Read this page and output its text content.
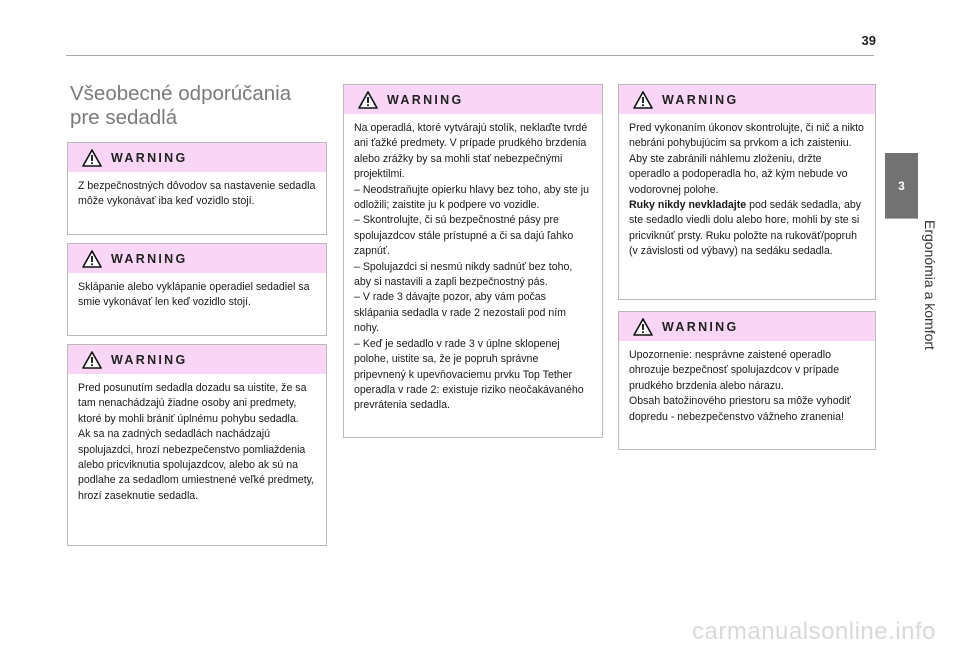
39
3
Ergonómia a komfort
Všeobecné odporúčania
pre sedadlá
WARNING

Z bezpečnostných dôvodov sa nastavenie sedadla môže vykonávať iba keď vozidlo stojí.

WARNING

Sklápanie alebo vyklápanie operadiel sedadiel sa smie vykonávať len keď vozidlo stojí.

WARNING

Pred posunutím sedadla dozadu sa uistite, že sa tam nenachádzajú žiadne osoby ani predmety, ktoré by mohli brániť úplnému pohybu sedadla.

Ak sa na zadných sedadlách nachádzajú spolujazdci, hrozí nebezpečenstvo pomliaždenia alebo pricviknutia spolujazdcov, alebo ak sú na podlahe za sedadlom umiestnené veľké predmety, hrozí zaseknutie sedadla.

WARNING

Na operadlá, ktoré vytvárajú stolík, neklaďte tvrdé ani ťažké predmety. V prípade prudkého brzdenia alebo zrážky by sa mohli stať nebezpečnými projektilmi.

– Neodstraňujte opierku hlavy bez toho, aby ste ju odložili; zaistite ju k podpere vo vozidle.

– Skontrolujte, či sú bezpečnostné pásy pre spolujazdcov stále prístupné a či sa dajú ľahko zapnúť.

– Spolujazdci si nesmú nikdy sadnúť bez toho, aby si nastavili a zapli bezpečnostný pás.

– V rade 3 dávajte pozor, aby vám počas sklápania sedadla v rade 2 nezostali pod ním nohy.

– Keď je sedadlo v rade 3 v úplne sklopenej polohe, uistite sa, že je popruh správne pripevnený k upevňovaciemu prvku Top Tether operadla v rade 2: existuje riziko neočakávaného prevrátenia sedadla.

WARNING

Pred vykonaním úkonov skontrolujte, či nič a nikto nebráni pohybujúcim sa prvkom a ich zaisteniu.

Aby ste zabránili náhlemu zloženiu, držte operadlo a podoperadla ho, až kým nebude vo vodorovnej polohe.

Ruky nikdy nevkladajte pod sedák sedadla, aby ste sedadlo viedli dolu alebo hore, mohli by ste si pricviknúť prsty. Ruku položte na rukoväť/popruh (v závislosti od výbavy) na sedáku sedadla.

WARNING

Upozornenie: nesprávne zaistené operadlo ohrozuje bezpečnosť spolujazdcov v prípade prudkého brzdenia alebo nárazu.

Obsah batožinového priestoru sa môže vyhodiť dopredu - nebezpečenstvo vážneho zranenia!

carmanualsonline.info
